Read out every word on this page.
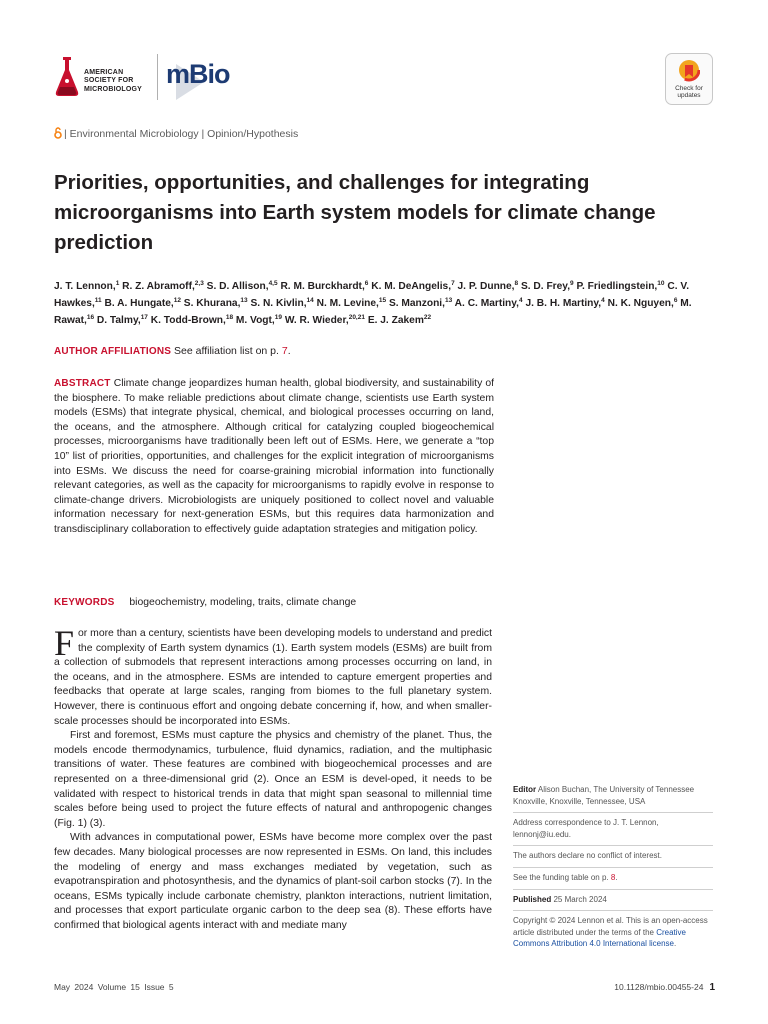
AMERICAN
SOCIETY FOR
MICROBIOLOGY
mBio	Check for
updates
| Environmental Microbiology | Opinion/Hypothesis
Priorities, opportunities, and challenges for integrating microorganisms into Earth system models for climate change prediction
J. T. Lennon,$^1$ R. Z. Abramoff,$^{2,3}$ S. D. Allison,$^{4,5}$ R. M. Burckhardt,$^6$ K. M. DeAngelis,$^7$ J. P. Dunne,$^8$ S. D. Frey,$^9$ P. Friedlingstein,$^{10}$ C. V. Hawkes,$^{11}$ B. A. Hungate,$^{12}$ S. Khurana,$^{13}$ S. N. Kivlin,$^{14}$ N. M. Levine,$^{15}$ S. Manzoni,$^{13}$ A. C. Martiny,$^4$ J. B. H. Martiny,$^4$ N. K. Nguyen,$^6$ M. Rawat,$^{16}$ D. Talmy,$^{17}$ K. Todd-Brown,$^{18}$ M. Vogt,$^{19}$ W. R. Wieder,$^{20,21}$ E. J. Zakem$^{22}$
AUTHOR AFFILIATIONS See affiliation list on p. 7.
ABSTRACT Climate change jeopardizes human health, global biodiversity, and sustainability of the biosphere. To make reliable predictions about climate change, scientists use Earth system models (ESMs) that integrate physical, chemical, and biological processes occurring on land, the oceans, and the atmosphere. Although critical for catalyzing coupled biogeochemical processes, microorganisms have traditionally been left out of ESMs. Here, we generate a “top 10” list of priorities, opportunities, and challenges for the explicit integration of microorganisms into ESMs. We discuss the need for coarse-graining microbial information into functionally relevant categories, as well as the capacity for microorganisms to rapidly evolve in response to climate-change drivers. Microbiologists are uniquely positioned to collect novel and valuable information necessary for next-generation ESMs, but this requires data harmonization and transdisciplinary collaboration to effectively guide adaptation strategies and mitigation policy.
KEYWORDS biogeochemistry, modeling, traits, climate change

For more than a century, scientists have been developing models to understand and predict the complexity of Earth system dynamics (1). Earth system models (ESMs) are built from a collection of submodels that represent interactions among processes occurring on land, in the oceans, and in the atmosphere. ESMs are intended to capture emergent properties and feedbacks that operate at large scales, ranging from biomes to the full planetary system. However, there is continuous effort and ongoing debate concerning if, how, and when smaller-scale processes should be incorporated into ESMs.

First and foremost, ESMs must capture the physics and chemistry of the planet. Thus, the models encode thermodynamics, turbulence, fluid dynamics, radiation, and the multiphasic transitions of water. These features are combined with biogeochemical processes and are represented on a three-dimensional grid (2). Once an ESM is devel-oped, it needs to be validated with respect to historical trends in data that might span seasonal to millennial time scales before being used to project the future effects of natural and anthropogenic changes (Fig. 1) (3).

With advances in computational power, ESMs have become more complex over the past few decades. Many biological processes are now represented in ESMs. On land, this includes the modeling of energy and mass exchanges mediated by vegetation, such as evapotranspiration and photosynthesis, and the dynamics of plant-soil carbon stocks (7). In the oceans, ESMs typically include carbonate chemistry, plankton interactions, nutrient limitation, and processes that export particulate organic carbon to the deep sea (8). These efforts have confirmed that biological agents interact with and mediate many

Editor Alison Buchan, The University of Tennessee Knoxville, Knoxville, Tennessee, USA
Address correspondence to J. T. Lennon, lennonj@iu.edu.
The authors declare no conflict of interest.
See the funding table on p. 8.
Published 25 March 2024
Copyright © 2024 Lennon et al. This is an open-access article distributed under the terms of the Creative Commons Attribution 4.0 International license.
May 2024 Volume 15 Issue 5	10.1128/mbio.00455-24 1
